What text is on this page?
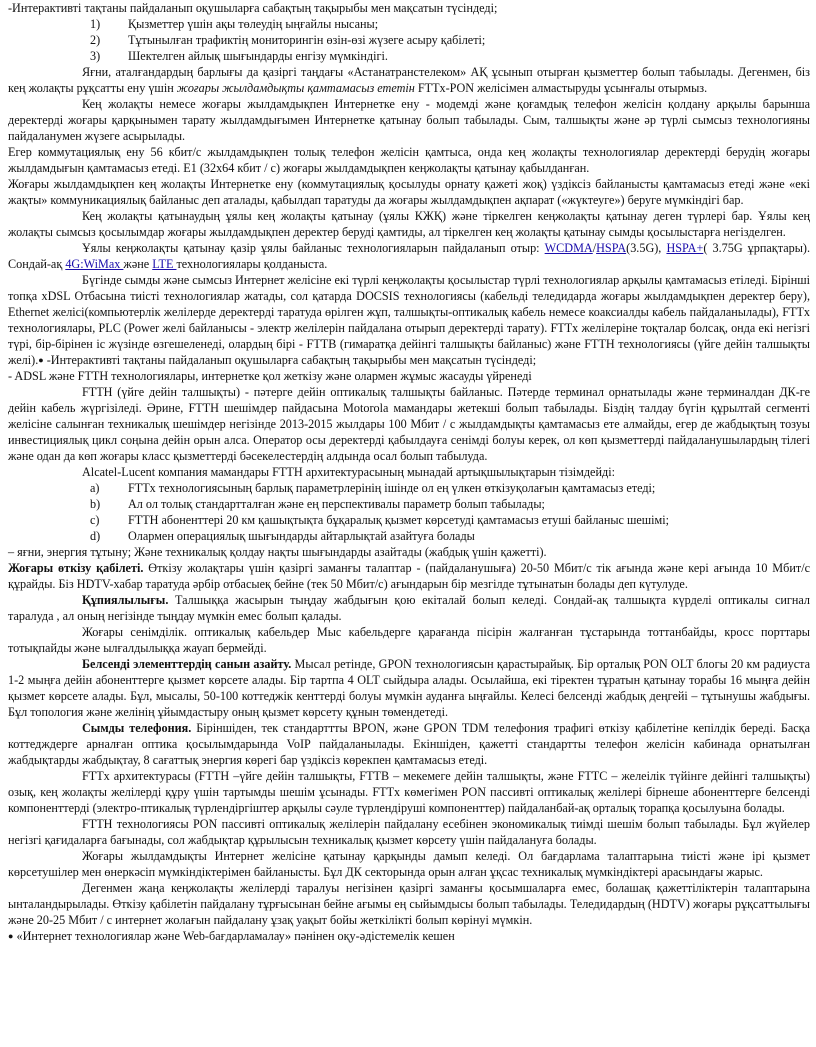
-Интерактивті тақтаны пайдаланып оқушыларға сабақтың тақырыбы мен мақсатын түсіндеді;

1)	Қызметтер үшін ақы төлеудің ыңғайлы нысаны;
2)	Тұтынылған трафиктің мониторингін өзін-өзі жүзеге асыру қабілеті;
3)	Шектелген айлық шығындарды енгізу мүмкіндігі.

Яғни, аталғандардың барлығы да қазіргі таңдағы «Астанатранстелеком» АҚ ұсынып отырған қызметтер болып табылады. Дегенмен, біз кең жолақты рұқсатты ену үшін жоғары жылдамдықты қамтамасыз ететін FTTх-PON желісімен алмастыруды ұсынғалы отырмыз.

Кең жолақты немесе жоғары жылдамдықпен Интернетке ену - модемді және қоғамдық телефон желісін қолдану арқылы барынша деректерді жоғары қарқынымен тарату жылдамдығымен Интернетке қатынау болып табылады. Сым, талшықты және әр түрлі сымсыз технологияны пайдаланумен жүзеге асырылады.

Егер коммутациялық ену 56 кбит/с жылдамдықпен толық телефон желісін қамтыса, онда кең жолақты технологиялар деректерді берудің жоғары жылдамдығын қамтамасыз етеді. E1 (32х64 кбит / с) жоғары жылдамдықпен кеңжолақты қатынау қабылданған.

Жоғары жылдамдықпен кең жолақты Интернетке ену (коммутациялық қосылуды орнату қажеті жоқ) үздіксіз байланысты қамтамасыз етеді және «екі жақты» коммуникациялық байланыс деп аталады, қабылдап таратуды да жоғары жылдамдықпен ақпарат («жүктеуге») беруге мүмкіндігі бар.

Кең жолақты қатынаудың ұялы кең жолақты қатынау (ұялы КЖҚ) және тіркелген кеңжолақты қатынау деген түрлері бар. Ұялы кең жолақты сымсыз қосылымдар жоғары жылдамдықпен деректер беруді қамтиды, ал тіркелген кең жолақты қатынау сымды қосылыстарға негізделген.

Ұялы кеңжолақты қатынау қазір ұялы байланыс технологияларын пайдаланып отыр: WCDMA/HSPA(3.5G), HSPA+( 3.75G ұрпақтары). Сондай-ақ 4G:WiMax және LTE технологиялары қолданыста.

Бүгінде сымды және сымсыз Интернет желісіне екі түрлі кеңжолақты қосылыстар түрлі технологиялар арқылы қамтамасыз етіледі. Бірінші топқа xDSL Отбасына тиісті технологиялар жатады, сол қатарда DOCSIS технологиясы (кабельді теледидарда жоғары жылдамдықпен деректер беру), Ethernet желісі(компьютерлік желілерде деректерді таратуда өрілген жұп, талшықты-оптикалық кабель немесе коаксиалды кабель пайдаланылады), FTTx технологиялары, PLC (Power желі байланысы - электр желілерін пайдалана отырып деректерді тарату). FTTx желілеріне тоқталар болсақ, онда екі негізгі түрі, бір-бірінен іс жүзінде өзгешеленеді, олардың бірі - FTTB (гимаратқа дейінгі талшықты байланыс) және FTTH технологиясы (үйге дейін талшықты желі).● -Интерактивті тақтаны пайдаланып оқушыларға сабақтың тақырыбы мен мақсатын түсіндеді;

- ADSL және FTTH технологиялары, интернетке қол жеткізу және олармен жұмыс жасауды үйренеді

FTTH (үйге дейін талшықты) - пәтерге дейін оптикалық талшықты байланыс. Пәтерде терминал орнатылады және терминалдан ДК-ге дейін кабель жүргізіледі. Әрине, FTTH шешімдер пайдасына Motorola мамандары жетекші болып табылады. Біздің талдау бүгін құрылтай сегменті желісіне салынған техникалық шешімдер негізінде 2013-2015 жылдары 100 Мбит / с жылдамдықты қамтамасыз ете алмайды, егер де жабдықтың тозуы инвестициялық цикл соңына дейін орын алса. Оператор осы деректерді қабылдауға сенімді болуы керек, ол көп қызметтерді пайдаланушылардың тілегі және одан да көп жоғары класс қызметтерді бәсекелестердің алдында осал болып табылуда.

Alcatel-Lucent компания мамандары FTTH архитектурасының мынадай артықшылықтарын тізімдейді:

a)	FTTx технологиясының барлық параметрлерінің ішінде ол ең үлкен өткізуқолағын қамтамасыз етеді;
b)	Ал ол толық стандартталған және ең перспективалы параметр болып табылады;
c)	FTTH абоненттері 20 км қашықтықта бұқаралық қызмет көрсетуді қамтамасыз етуші байланыс шешімі;
d)	Олармен операциялық шығындарды айтарлықтай азайтуға болады

– яғни, энергия тұтыну; Және техникалық қолдау нақты шығындарды азайтады (жабдық үшін қажетті).

Жоғары өткізу қабілеті. Өткізу жолақтары үшін қазіргі заманғы талаптар - (пайдаланушыға) 20-50 Мбит/с тік ағында және кері ағында 10 Мбит/с құрайды. Біз HDTV-хабар таратуда әрбір отбасыеқ бейне (тек 50 Мбит/с) ағындарын бір мезгілде тұтынатын болады деп күтулуде.

Құпиялылығы. Талшыққа жасырын тыңдау жабдығын қою екіталай болып келеді. Сондай-ақ талшықта күрделі оптикалы сигнал таралуда , ал оның негізінде тыңдау мүмкін емес болып қалады.

Жоғары сенімділік. оптикалық кабельдер Мыс кабельдерге қарағанда пісірін жалғанған тұстарында тоттанбайды, кросс порттары тотықпайды және ылғалдылыққа жауап бермейді.

Белсенді элементтердің санын азайту. Мысал ретінде, GPON технологиясын қарастырайық. Бір орталық PON OLT блогы 20 км радиуста 1-2 мыңға дейін абоненттерге қызмет көрсете алады. Бір тартпа 4 OLT сыйдыра алады. Осылайша, екі тіректен тұратын қатынау торабы 16 мыңға дейін қызмет көрсете алады. Бұл, мысалы, 50-100 коттеджік кенттерді болуы мүмкін ауданға ыңғайлы. Келесі белсенді жабдық деңгейі – тұтынушы жабдығы. Бұл топология және желінің ұйымдастыру оның қызмет көрсету құнын төмендетеді.

Сымды телефония. Біріншіден, тек стандарттты BPON, және GPON TDM телефония трафигі өткізу қабілетіне кепілдік береді. Басқа коттедждерге арналған оптика қосылымдарында VoIP пайдаланылады. Екіншіден, қажетті стандартты телефон желісін кабинада орнатылған жабдықтарды жабдықтау, 8 сағаттық энергия көрегі бар үздіксіз көрекпен қамтамасыз етеді.

FTTх архитектурасы (FTTH –үйге дейін талшықты, FTTB – мекемеге дейін талшықты, және FTTC – желеілік түйінге дейінгі талшықты) озық, кең жолақты желілерді құру үшін тартымды шешім ұсынады. FTTх көмегімен PON пассивті оптикалық желілері бірнеше абоненттерге белсенді компоненттерді (электро-птикалық түрлендіргіштер арқылы сәуле түрлендіруші компоненттер) пайдаланбай-ақ орталық торапқа қосылуына болады.

FTTH технологиясы PON пассивті оптикалық желілерін пайдалану есебінен экономикалық тиімді шешім болып табылады. Бұл жүйелер негізгі қағидаларға бағынады, сол жабдықтар құрылысын техникалық қызмет көрсету үшін пайдалануға болады.

Жоғары жылдамдықты Интернет желісіне қатынау қарқынды дамып келеді. Ол бағдарлама талаптарына тиісті және ірі қызмет көрсетушілер мен өнеркәсіп мүмкіндіктерімен байланысты. Бұл ДК секторында орын алған ұқсас техникалық мүмкіндіктері арасындағы жарыс.

Дегенмен жаңа кеңжолақты желілерді таралуы негізінен қазіргі заманғы қосымшаларға емес, болашақ қажеттіліктерін талаптарына ынталандырылады. Өткізу қабілетін пайдалану тұрғысынан бейне ағымы ең сыйымдысы болып табылады. Теледидардың (HDTV) жоғары рұқсаттылығы және 20-25 Мбит / с интернет жолағын пайдалану ұзақ уақыт бойы жеткілікті болып көрінуі мүмкін.

● «Интернет технологиялар және Web-бағдарламалау» пәнінен оқу-әдістемелік кешен
